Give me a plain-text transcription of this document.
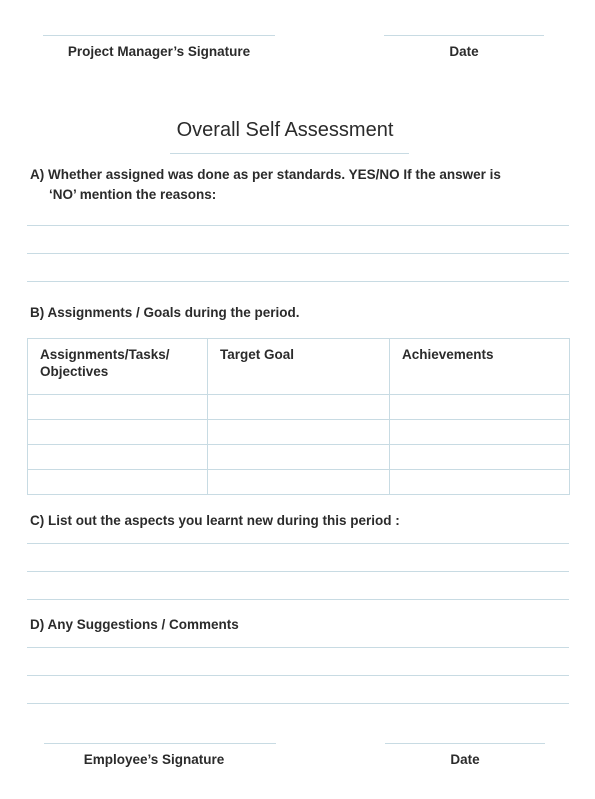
Project Manager’s Signature	Date
Overall Self Assessment
A) Whether assigned was done as per standards. YES/NO If the answer is
‘NO’ mention the reasons:
B) Assignments / Goals during the period.
Assignments/Tasks/ Objectives	Target Goal	Achievements

C) List out the aspects you learnt new during this period :
D) Any Suggestions / Comments
Employee’s Signature	Date
